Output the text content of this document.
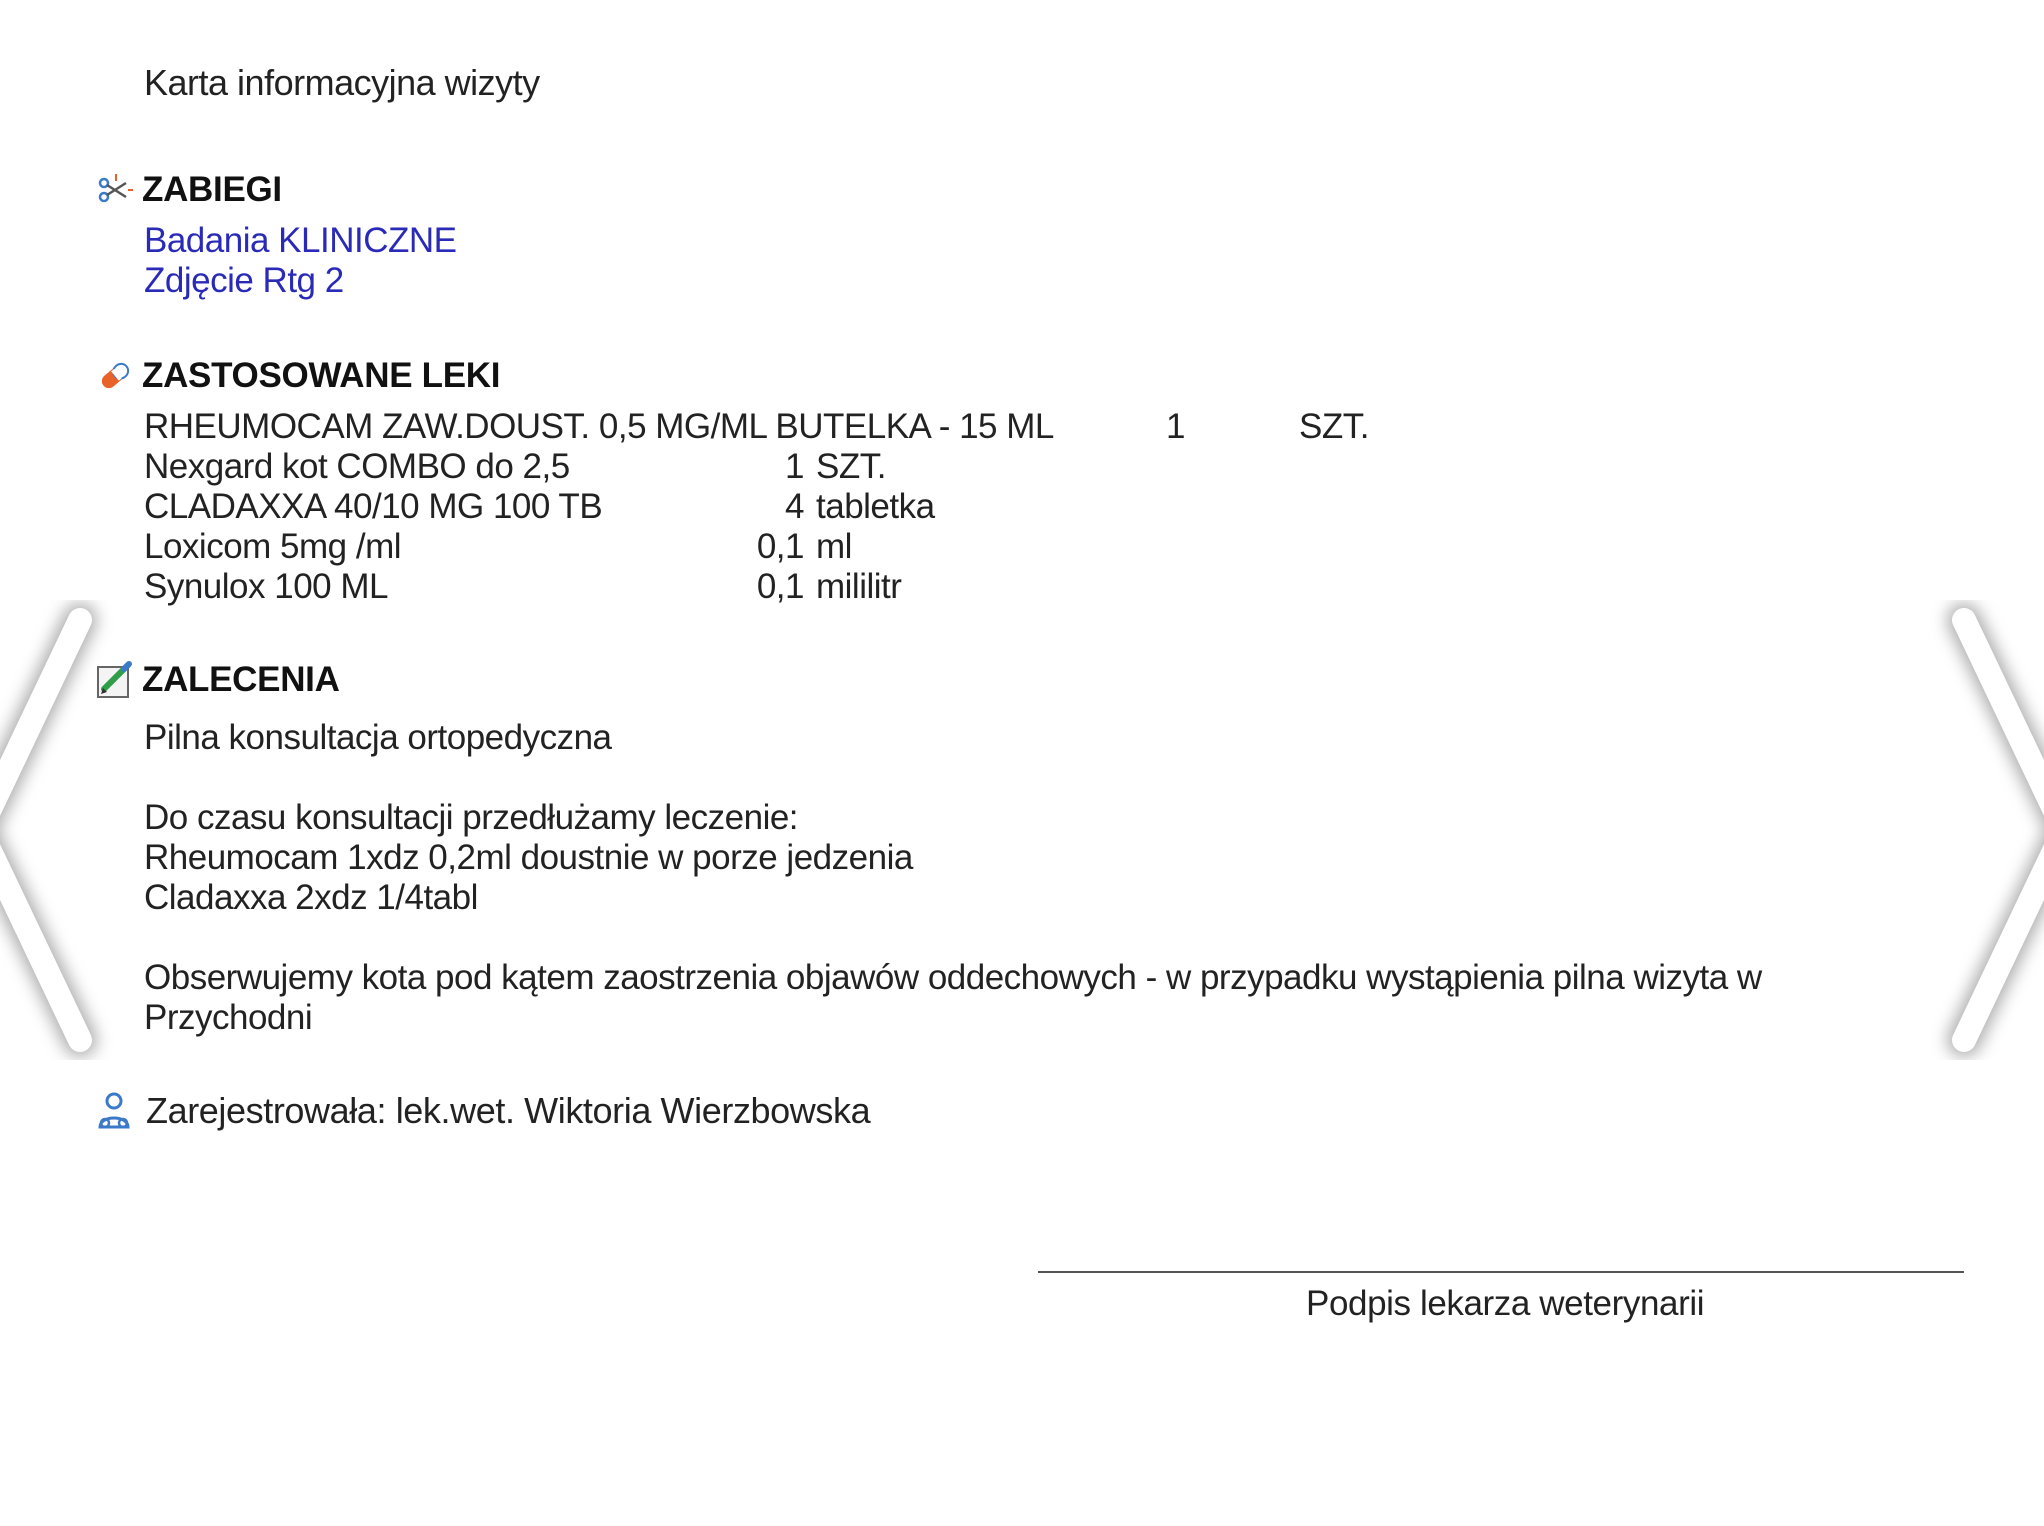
Karta informacyjna wizyty
ZABIEGI
Badania KLINICZNE
Zdjęcie Rtg 2
ZASTOSOWANE LEKI
RHEUMOCAM ZAW.DOUST. 0,5 MG/ML BUTELKA - 15 ML	1	SZT.
Nexgard kot COMBO do 2,5	1 SZT.
CLADAXXA 40/10 MG 100 TB	4 tabletka
Loxicom 5mg /ml	0,1 ml
Synulox 100 ML	0,1 mililitr
ZALECENIA
Pilna konsultacja ortopedyczna
Do czasu konsultacji przedłużamy leczenie:
Rheumocam 1xdz 0,2ml doustnie w porze jedzenia
Cladaxxa 2xdz 1/4tabl
Obserwujemy kota pod kątem zaostrzenia objawów oddechowych - w przypadku wystąpienia pilna wizyta w
Przychodni
Zarejestrowała: lek.wet. Wiktoria Wierzbowska
Podpis lekarza weterynarii
